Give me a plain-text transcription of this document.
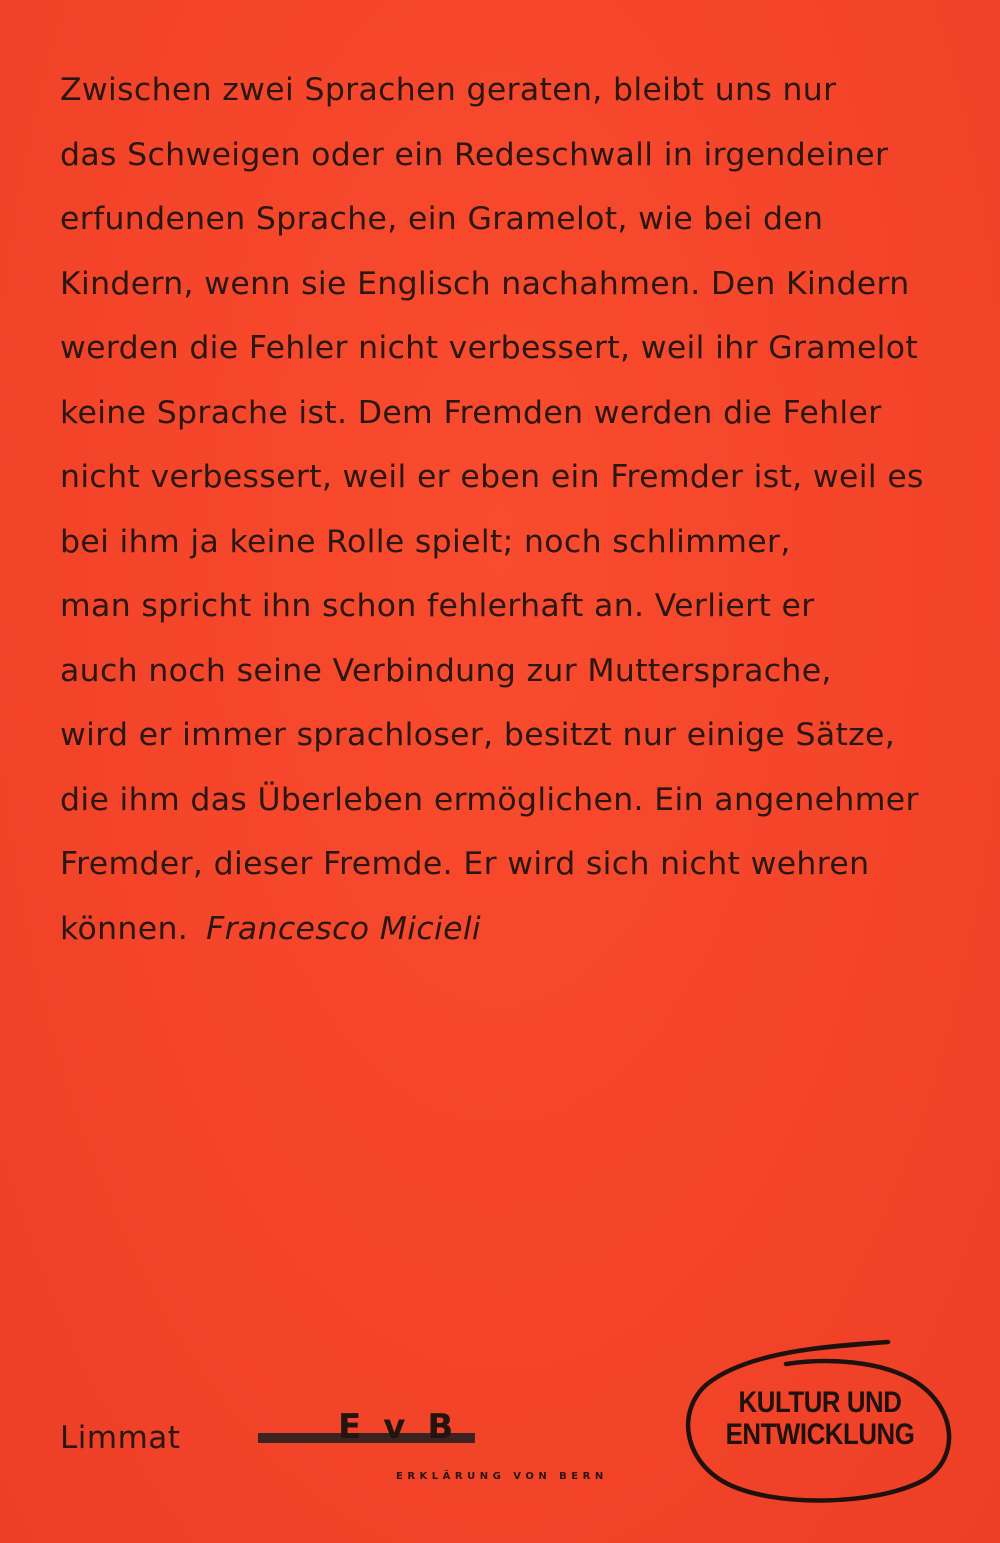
Zwischen zwei Sprachen geraten, bleibt uns nur
das Schweigen oder ein Redeschwall in irgendeiner
erfundenen Sprache, ein Gramelot, wie bei den
Kindern, wenn sie Englisch nachahmen. Den Kindern
werden die Fehler nicht verbessert, weil ihr Gramelot
keine Sprache ist. Dem Fremden werden die Fehler
nicht verbessert, weil er eben ein Fremder ist, weil es
bei ihm ja keine Rolle spielt; noch schlimmer,
man spricht ihn schon fehlerhaft an. Verliert er
auch noch seine Verbindung zur Muttersprache,
wird er immer sprachloser, besitzt nur einige Sätze,
die ihm das Überleben ermöglichen. Ein angenehmer
Fremder, dieser Fremde. Er wird sich nicht wehren
können. Francesco Micieli
Limmat	EvB
ERKLÄRUNG VON BERN
KULTUR UND
ENTWICKLUNG
